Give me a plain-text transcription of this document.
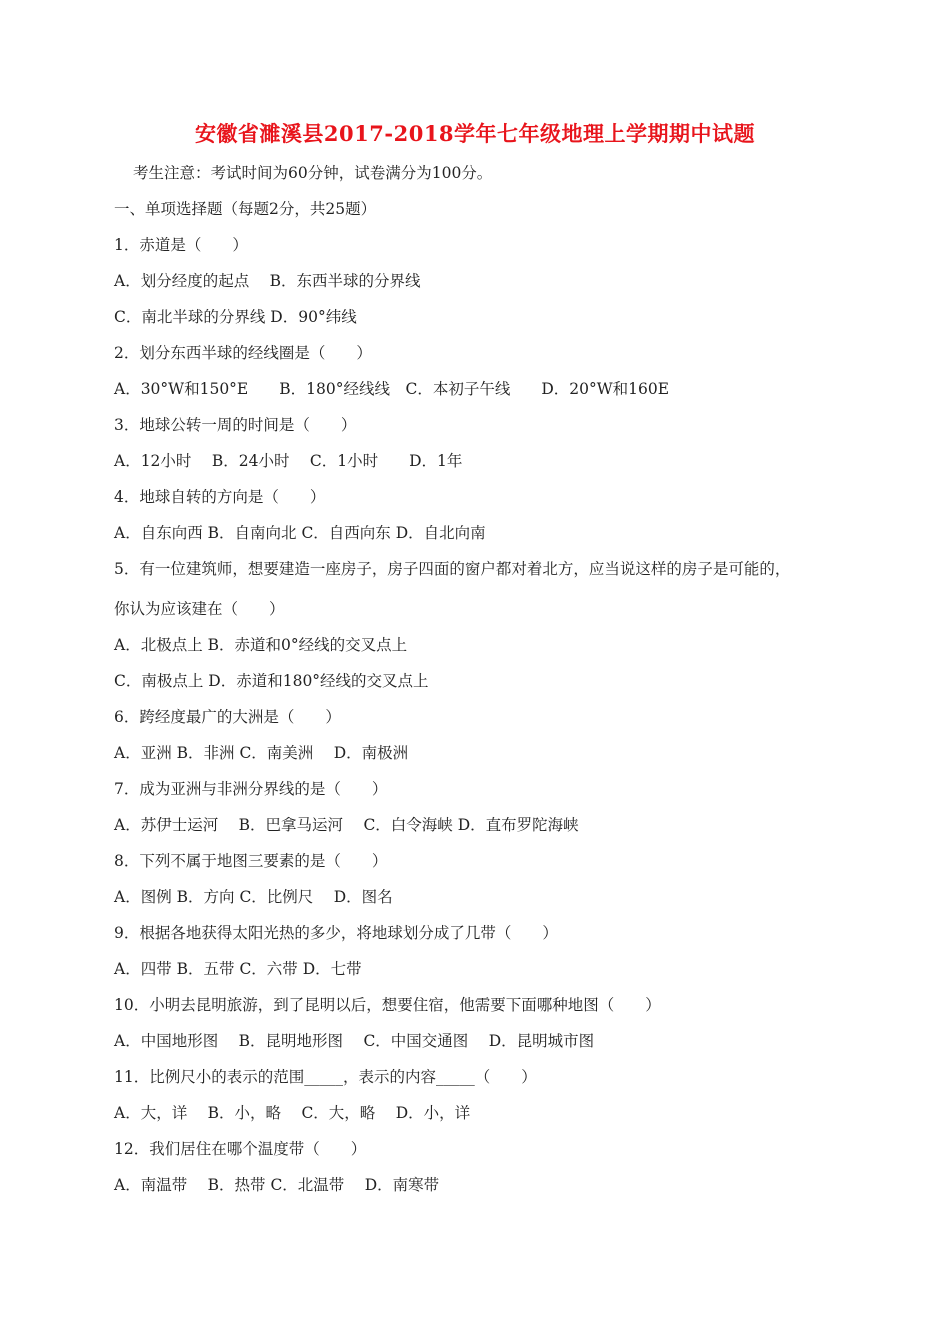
安徽省濉溪县2017-2018学年七年级地理上学期期中试题
考生注意：考试时间为60分钟，试卷满分为100分。
一、单项选择题（每题2分，共25题）
1．赤道是（　　）
A．划分经度的起点　 B．东西半球的分界线
C．南北半球的分界线 D．90°纬线
2．划分东西半球的经线圈是（　　）
A．30°W和150°E　　B．180°经线线　C．本初子午线　　D．20°W和160E
3．地球公转一周的时间是（　　）
A．12小时　 B．24小时　 C．1小时　　D．1年
4．地球自转的方向是（　　）
A．自东向西 B．自南向北 C．自西向东 D．自北向南
5．有一位建筑师，想要建造一座房子，房子四面的窗户都对着北方，应当说这样的房子是可能的，
你认为应该建在（　　）
A．北极点上 B．赤道和0°经线的交叉点上
C．南极点上 D．赤道和180°经线的交叉点上
6．跨经度最广的大洲是（　　）
A．亚洲 B．非洲 C．南美洲　 D．南极洲
7．成为亚洲与非洲分界线的是（　　）
A．苏伊士运河　 B．巴拿马运河　 C．白令海峡 D．直布罗陀海峡
8．下列不属于地图三要素的是（　　）
A．图例 B．方向 C．比例尺　 D．图名
9．根据各地获得太阳光热的多少，将地球划分成了几带（　　）
A．四带 B．五带 C．六带 D．七带
10．小明去昆明旅游，到了昆明以后，想要住宿，他需要下面哪种地图（　　）
A．中国地形图　 B．昆明地形图　 C．中国交通图　 D．昆明城市图
11．比例尺小的表示的范围_____，表示的内容_____（　　）
A．大，详　 B．小，略　 C．大，略　 D．小，详
12．我们居住在哪个温度带（　　）
A．南温带　 B．热带 C．北温带　 D．南寒带
